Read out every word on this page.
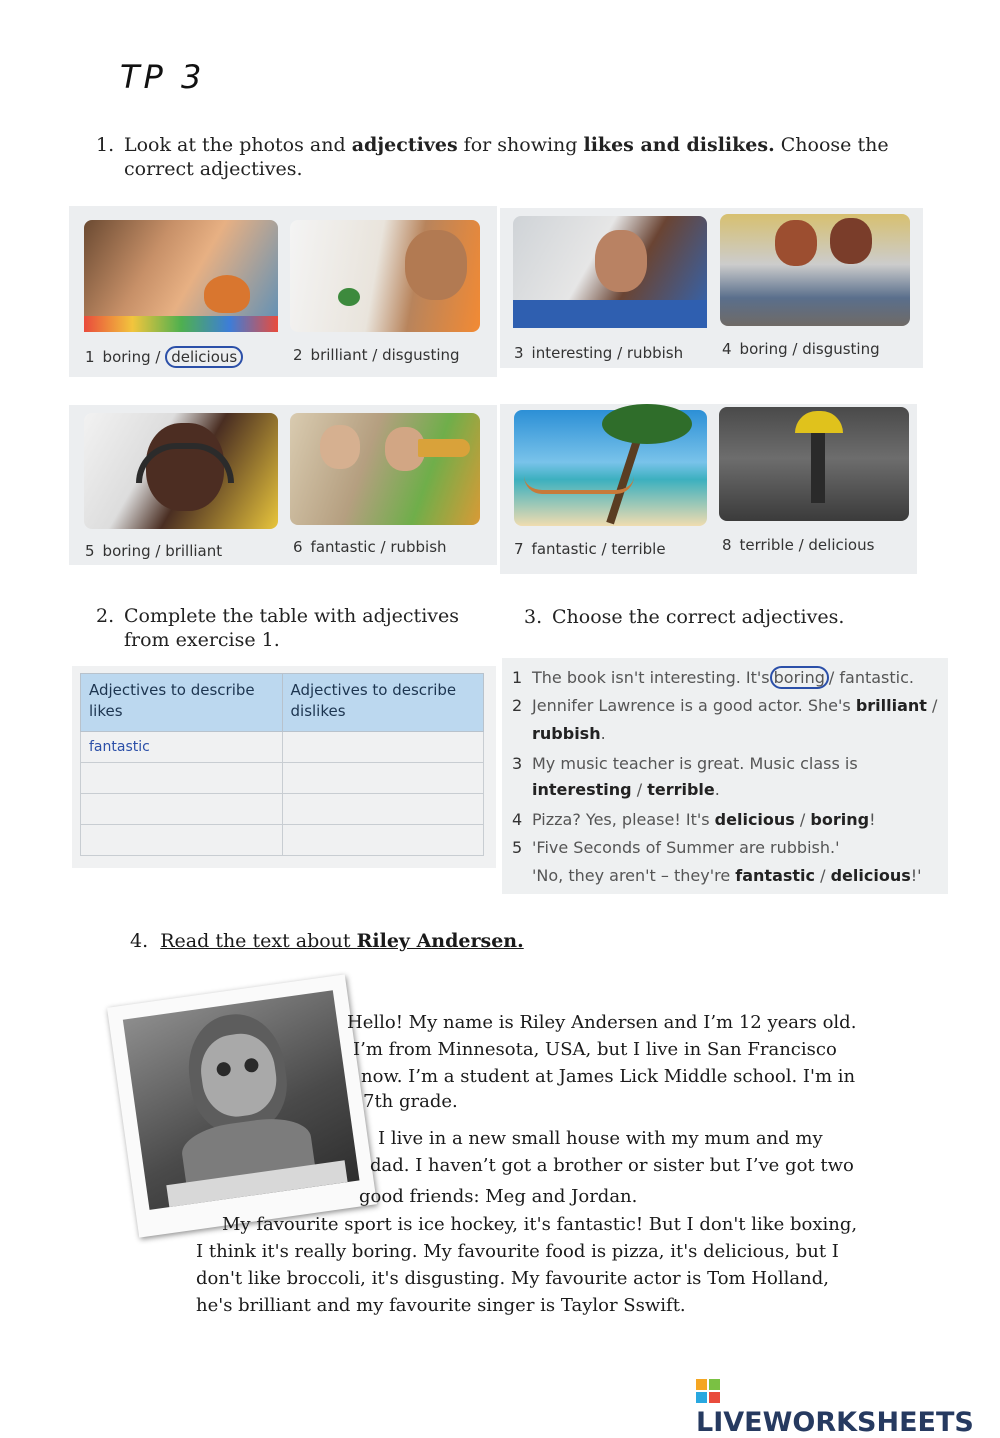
TP 3
1. Look at the photos and adjectives for showing likes and dislikes. Choose the
correct adjectives.
1 boring / delicious	2 brilliant / disgusting	3 interesting / rubbish	4 boring / disgusting
5 boring / brilliant	6 fantastic / rubbish	7 fantastic / terrible	8 terrible / delicious
2. Complete the table with adjectives
from exercise 1.
3. Choose the correct adjectives.
Adjectives to describe likes	Adjectives to describe dislikes
fantastic	

1 The book isn't interesting. It's boring / fantastic.
2 Jennifer Lawrence is a good actor. She's brilliant /
rubbish.
3 My music teacher is great. Music class is
interesting / terrible.
4 Pizza? Yes, please! It's delicious / boring!
5 'Five Seconds of Summer are rubbish.'
'No, they aren't – they're fantastic / delicious!'
4. Read the text about Riley Andersen.
Hello! My name is Riley Andersen and I’m 12 years old.
I’m from Minnesota, USA, but I live in San Francisco
now. I’m a student at James Lick Middle school. I'm in
7th grade.
I live in a new small house with my mum and my
dad. I haven’t got a brother or sister but I’ve got two
good friends: Meg and Jordan.
My favourite sport is ice hockey, it's fantastic! But I don't like boxing,
I think it's really boring. My favourite food is pizza, it's delicious, but I
don't like broccoli, it's disgusting. My favourite actor is Tom Holland,
he's brilliant and my favourite singer is Taylor Sswift.
LIVEWORKSHEETS
